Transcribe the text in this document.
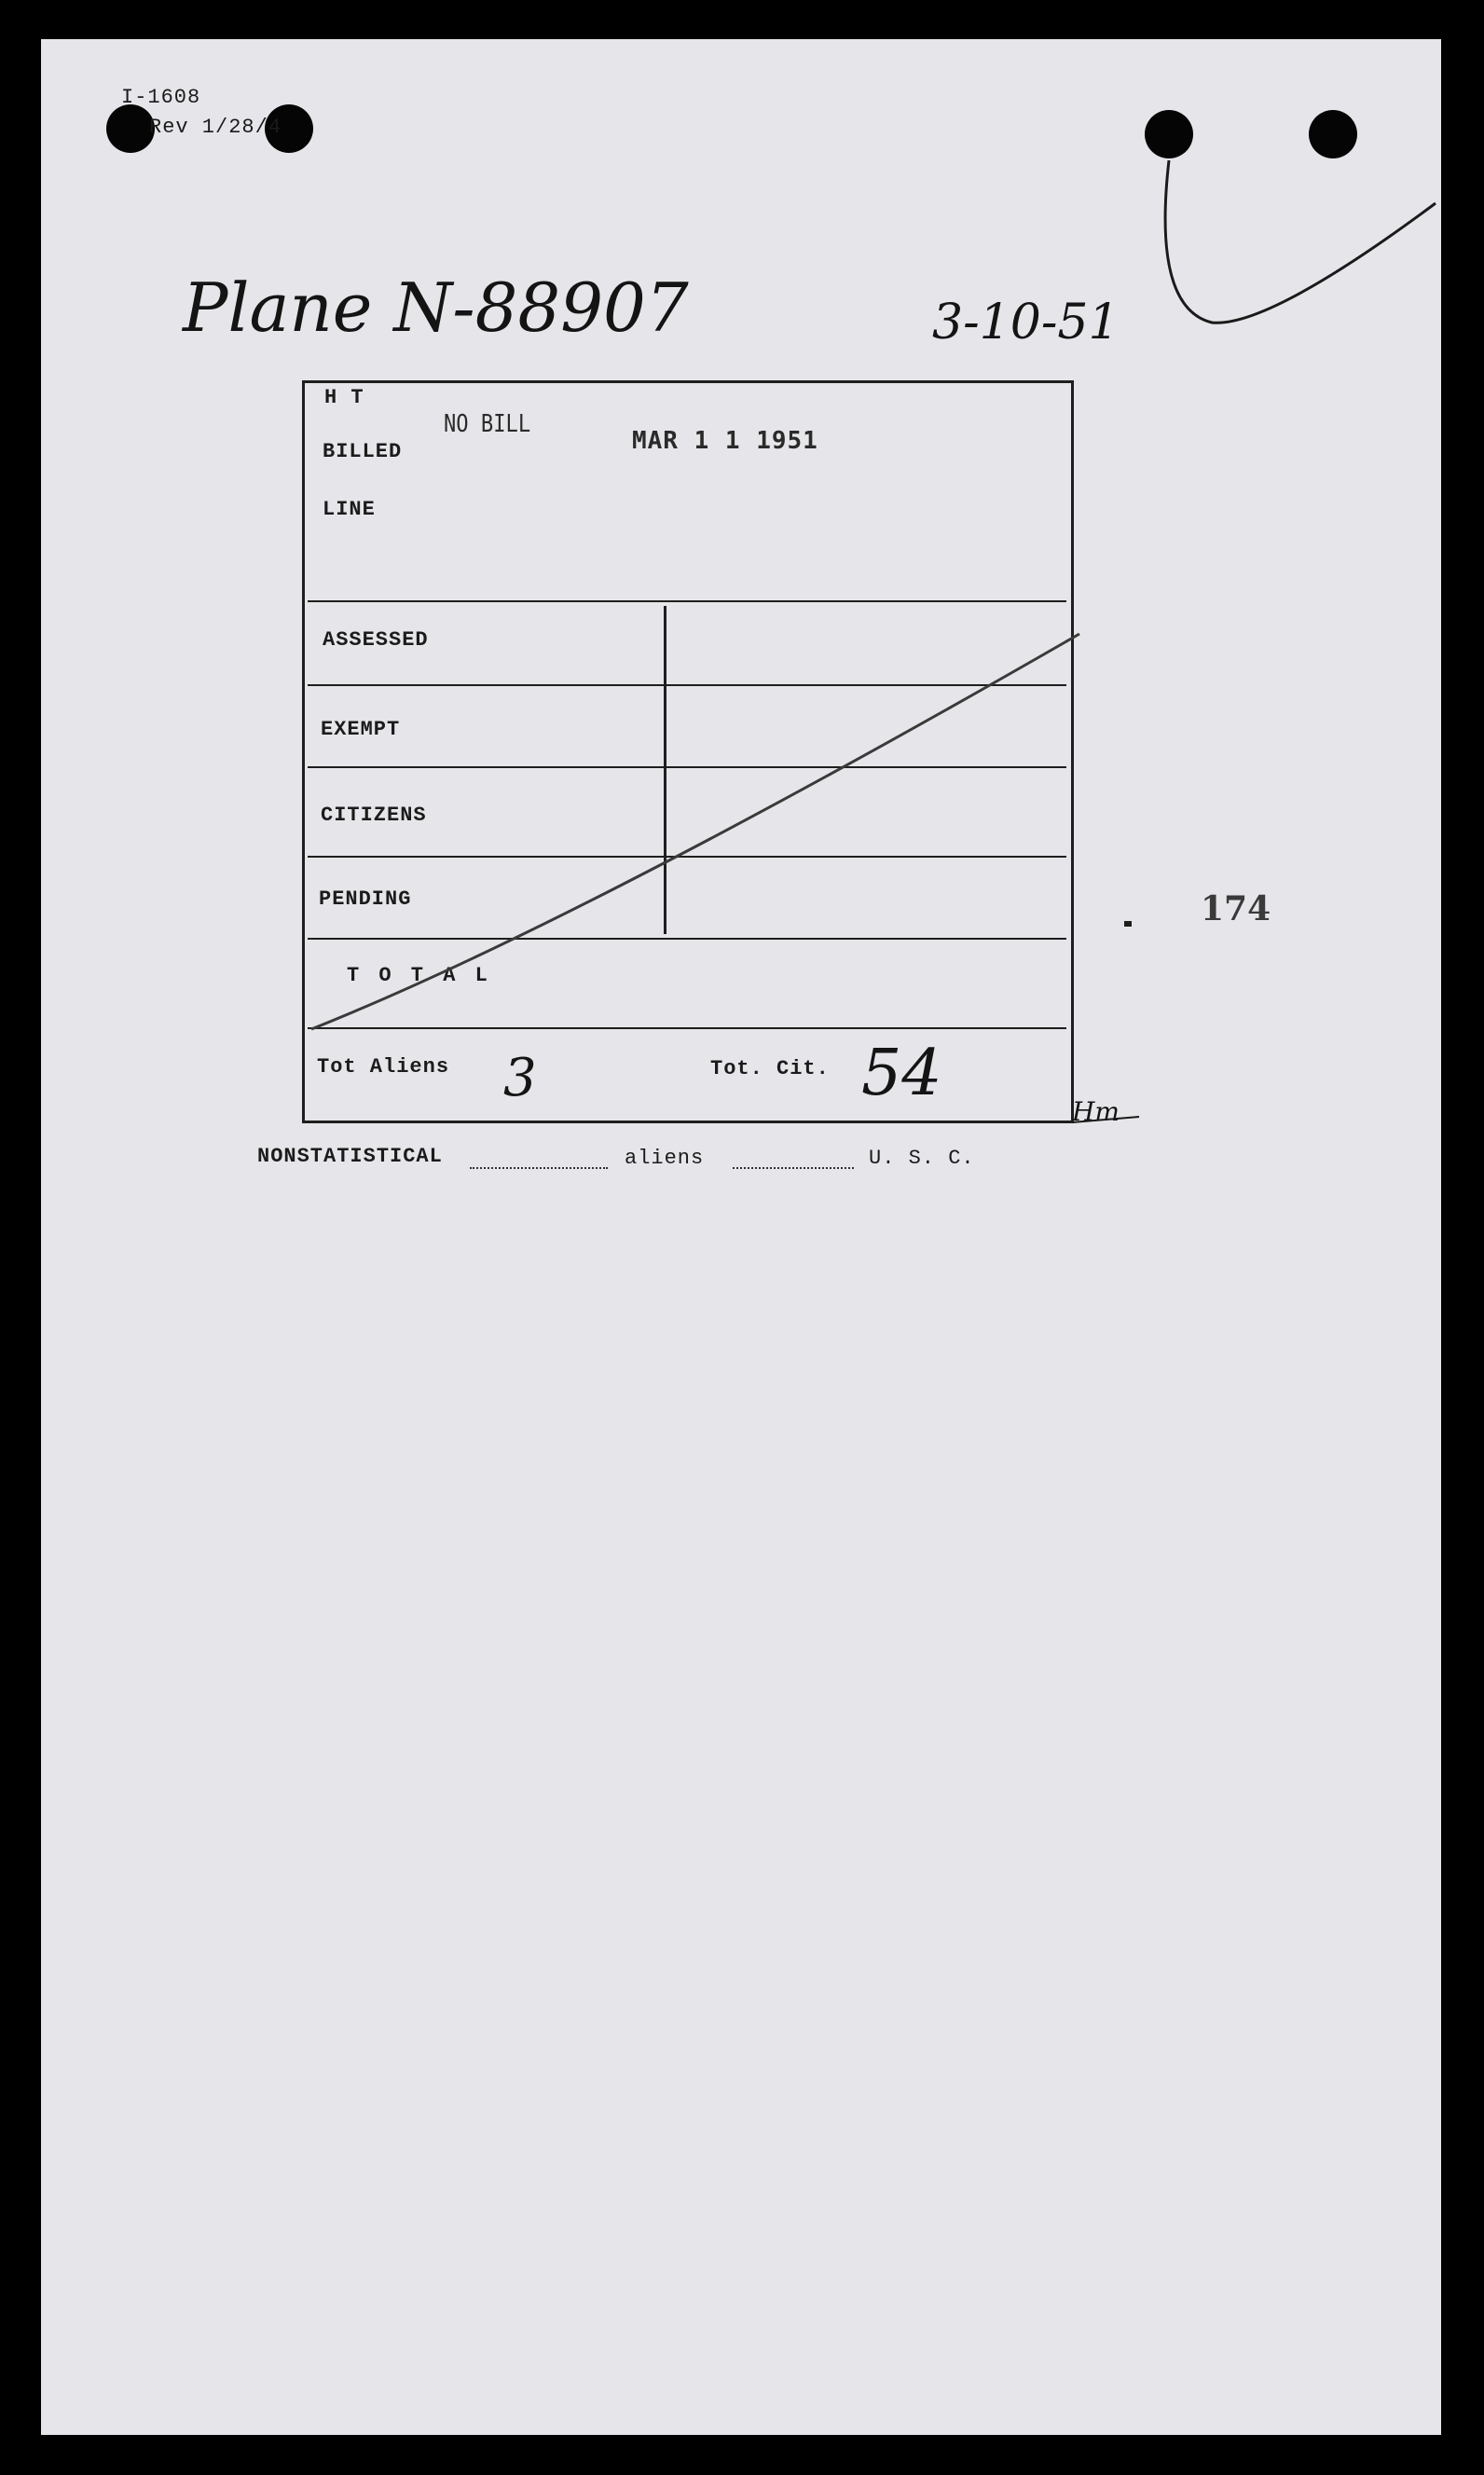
I-1608
Rev 1/28/4
Plane N-88907	3-10-51
H T
BILLED
LINE
NO BILL
MAR 1 1 1951
ASSESSED
EXEMPT
CITIZENS
PENDING
T O T A L
Tot Aliens 3	Tot. Cit. 54
Hm
174
NONSTATISTICAL	aliens	U. S. C.
